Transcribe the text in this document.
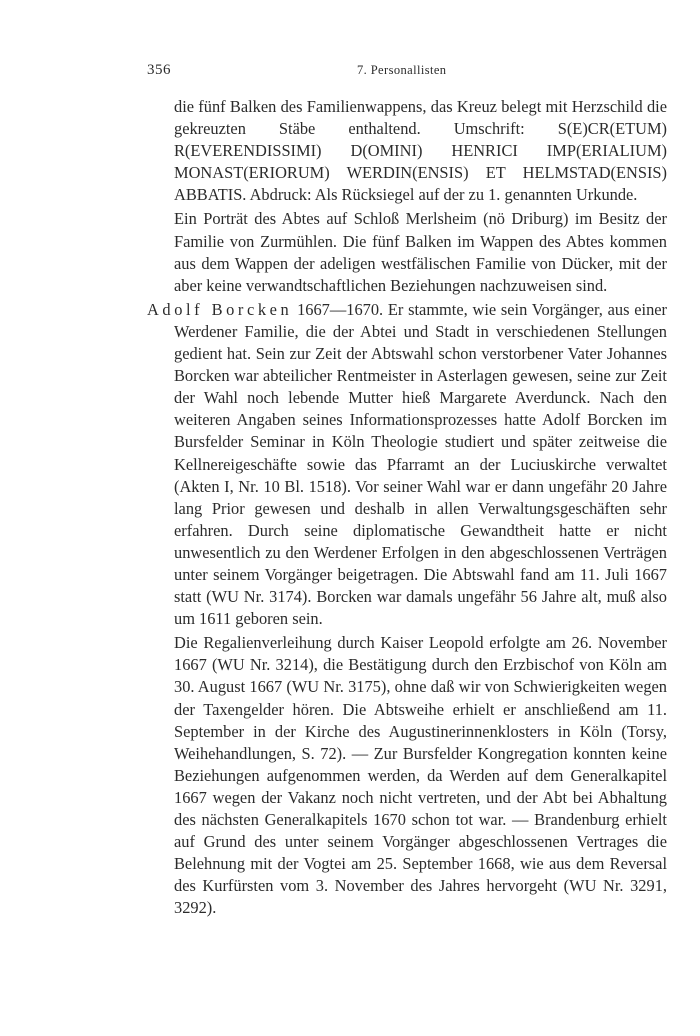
356	7. Personallisten

die fünf Balken des Familienwappens, das Kreuz belegt mit Herzschild die gekreuzten Stäbe enthaltend. Umschrift: S(E)CR(ETUM) R(EVERENDISSIMI) D(OMINI) HENRICI IMP(ERIALIUM) MONAST(ERIORUM) WERDIN(ENSIS) ET HELMSTAD(ENSIS) ABBATIS. Abdruck: Als Rücksiegel auf der zu 1. genannten Urkunde.

Ein Porträt des Abtes auf Schloß Merlsheim (nö Driburg) im Besitz der Familie von Zurmühlen. Die fünf Balken im Wappen des Abtes kommen aus dem Wappen der adeligen westfälischen Familie von Dücker, mit der aber keine verwandtschaftlichen Beziehungen nachzuweisen sind.

Adolf Borcken 1667—1670. Er stammte, wie sein Vorgänger, aus einer Werdener Familie, die der Abtei und Stadt in verschiedenen Stellungen gedient hat. Sein zur Zeit der Abtswahl schon verstorbener Vater Johannes Borcken war abteilicher Rentmeister in Asterlagen gewesen, seine zur Zeit der Wahl noch lebende Mutter hieß Margarete Averdunck. Nach den weiteren Angaben seines Informationsprozesses hatte Adolf Borcken im Bursfelder Seminar in Köln Theologie studiert und später zeitweise die Kellnereigeschäfte sowie das Pfarramt an der Luciuskirche verwaltet (Akten I, Nr. 10 Bl. 1518). Vor seiner Wahl war er dann ungefähr 20 Jahre lang Prior gewesen und deshalb in allen Verwaltungsgeschäften sehr erfahren. Durch seine diplomatische Gewandtheit hatte er nicht unwesentlich zu den Werdener Erfolgen in den abgeschlossenen Verträgen unter seinem Vorgänger beigetragen. Die Abtswahl fand am 11. Juli 1667 statt (WU Nr. 3174). Borcken war damals ungefähr 56 Jahre alt, muß also um 1611 geboren sein.

Die Regalienverleihung durch Kaiser Leopold erfolgte am 26. November 1667 (WU Nr. 3214), die Bestätigung durch den Erzbischof von Köln am 30. August 1667 (WU Nr. 3175), ohne daß wir von Schwierigkeiten wegen der Taxengelder hören. Die Abtsweihe erhielt er anschließend am 11. September in der Kirche des Augustinerinnenklosters in Köln (Torsy, Weihehandlungen, S. 72). — Zur Bursfelder Kongregation konnten keine Beziehungen aufgenommen werden, da Werden auf dem Generalkapitel 1667 wegen der Vakanz noch nicht vertreten, und der Abt bei Abhaltung des nächsten Generalkapitels 1670 schon tot war. — Brandenburg erhielt auf Grund des unter seinem Vorgänger abgeschlossenen Vertrages die Belehnung mit der Vogtei am 25. September 1668, wie aus dem Reversal des Kurfürsten vom 3. November des Jahres hervorgeht (WU Nr. 3291, 3292).
